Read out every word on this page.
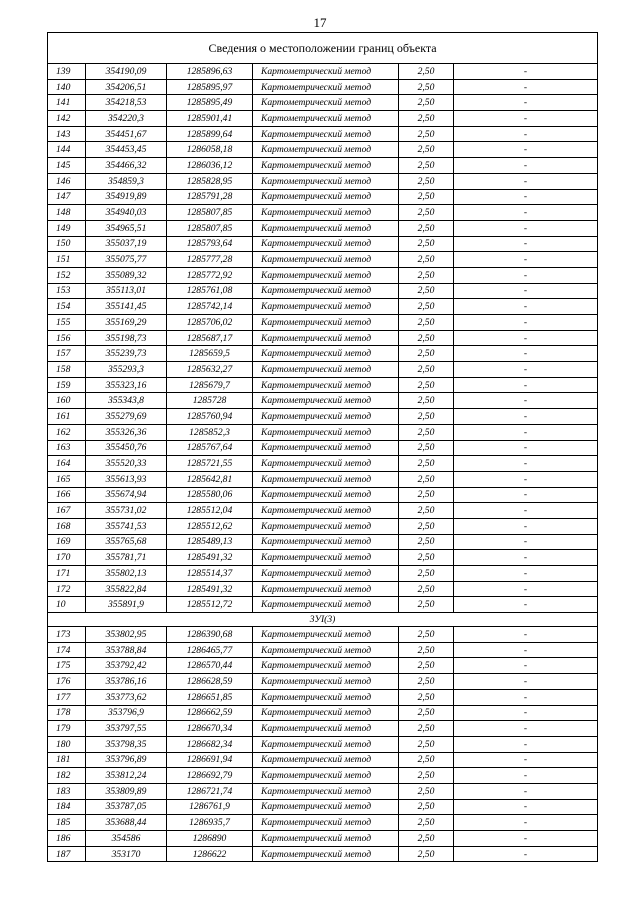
17
Сведения о местоположении границ объекта					
139	354190,09	1285896,63	Картометрический метод	2,50	-
140	354206,51	1285895,97	Картометрический метод	2,50	-
141	354218,53	1285895,49	Картометрический метод	2,50	-
142	354220,3	1285901,41	Картометрический метод	2,50	-
143	354451,67	1285899,64	Картометрический метод	2,50	-
144	354453,45	1286058,18	Картометрический метод	2,50	-
145	354466,32	1286036,12	Картометрический метод	2,50	-
146	354859,3	1285828,95	Картометрический метод	2,50	-
147	354919,89	1285791,28	Картометрический метод	2,50	-
148	354940,03	1285807,85	Картометрический метод	2,50	-
149	354965,51	1285807,85	Картометрический метод	2,50	-
150	355037,19	1285793,64	Картометрический метод	2,50	-
151	355075,77	1285777,28	Картометрический метод	2,50	-
152	355089,32	1285772,92	Картометрический метод	2,50	-
153	355113,01	1285761,08	Картометрический метод	2,50	-
154	355141,45	1285742,14	Картометрический метод	2,50	-
155	355169,29	1285706,02	Картометрический метод	2,50	-
156	355198,73	1285687,17	Картометрический метод	2,50	-
157	355239,73	1285659,5	Картометрический метод	2,50	-
158	355293,3	1285632,27	Картометрический метод	2,50	-
159	355323,16	1285679,7	Картометрический метод	2,50	-
160	355343,8	1285728	Картометрический метод	2,50	-
161	355279,69	1285760,94	Картометрический метод	2,50	-
162	355326,36	1285852,3	Картометрический метод	2,50	-
163	355450,76	1285767,64	Картометрический метод	2,50	-
164	355520,33	1285721,55	Картометрический метод	2,50	-
165	355613,93	1285642,81	Картометрический метод	2,50	-
166	355674,94	1285580,06	Картометрический метод	2,50	-
167	355731,02	1285512,04	Картометрический метод	2,50	-
168	355741,53	1285512,62	Картометрический метод	2,50	-
169	355765,68	1285489,13	Картометрический метод	2,50	-
170	355781,71	1285491,32	Картометрический метод	2,50	-
171	355802,13	1285514,37	Картометрический метод	2,50	-
172	355822,84	1285491,32	Картометрический метод	2,50	-
10	355891,9	1285512,72	Картометрический метод	2,50	-
3УI(3)					
173	353802,95	1286390,68	Картометрический метод	2,50	-
174	353788,84	1286465,77	Картометрический метод	2,50	-
175	353792,42	1286570,44	Картометрический метод	2,50	-
176	353786,16	1286628,59	Картометрический метод	2,50	-
177	353773,62	1286651,85	Картометрический метод	2,50	-
178	353796,9	1286662,59	Картометрический метод	2,50	-
179	353797,55	1286670,34	Картометрический метод	2,50	-
180	353798,35	1286682,34	Картометрический метод	2,50	-
181	353796,89	1286691,94	Картометрический метод	2,50	-
182	353812,24	1286692,79	Картометрический метод	2,50	-
183	353809,89	1286721,74	Картометрический метод	2,50	-
184	353787,05	1286761,9	Картометрический метод	2,50	-
185	353688,44	1286935,7	Картометрический метод	2,50	-
186	354586	1286890	Картометрический метод	2,50	-
187	353170	1286622	Картометрический метод	2,50	-
